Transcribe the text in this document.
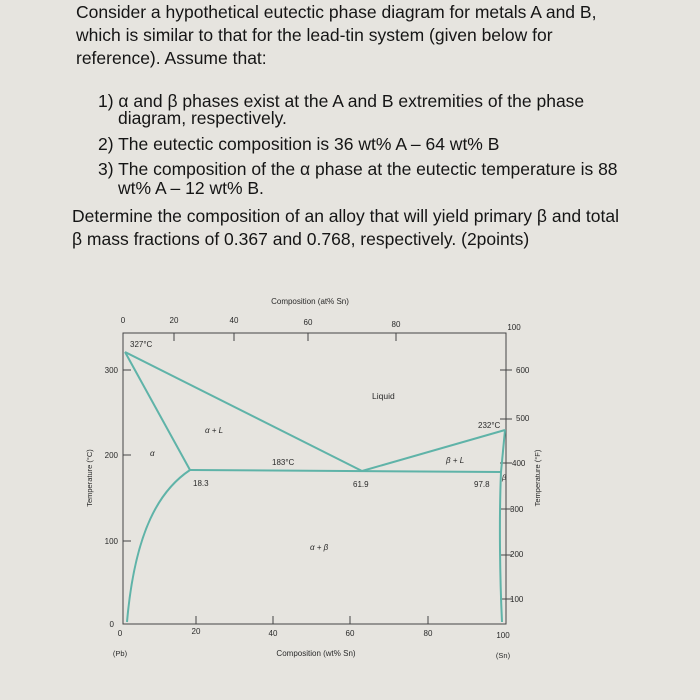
Consider a hypothetical eutectic phase diagram for metals A and B,
which is similar to that for the lead-tin system (given below for
reference). Assume that:
1) α and β phases exist at the A and B extremities of the phase
diagram, respectively.
2) The eutectic composition is 36 wt% A – 64 wt% B
3) The composition of the α phase at the eutectic temperature is 88
wt% A – 12 wt% B.
Determine the composition of an alloy that will yield primary β and total
β mass fractions of 0.367 and 0.768, respectively. (2points)
Composition (at% Sn)
0	20	40	60	80	100
300
200
100
0
Temperature (°C)
600
500
400
300
200
100
Temperature (°F)
0	20	40	60	80	100
(Pb)	(Sn)
Composition (wt% Sn)
327°C
232°C
183°C
18.3	61.9	97.8
Liquid
α + L
β + L
α
β
α + β
